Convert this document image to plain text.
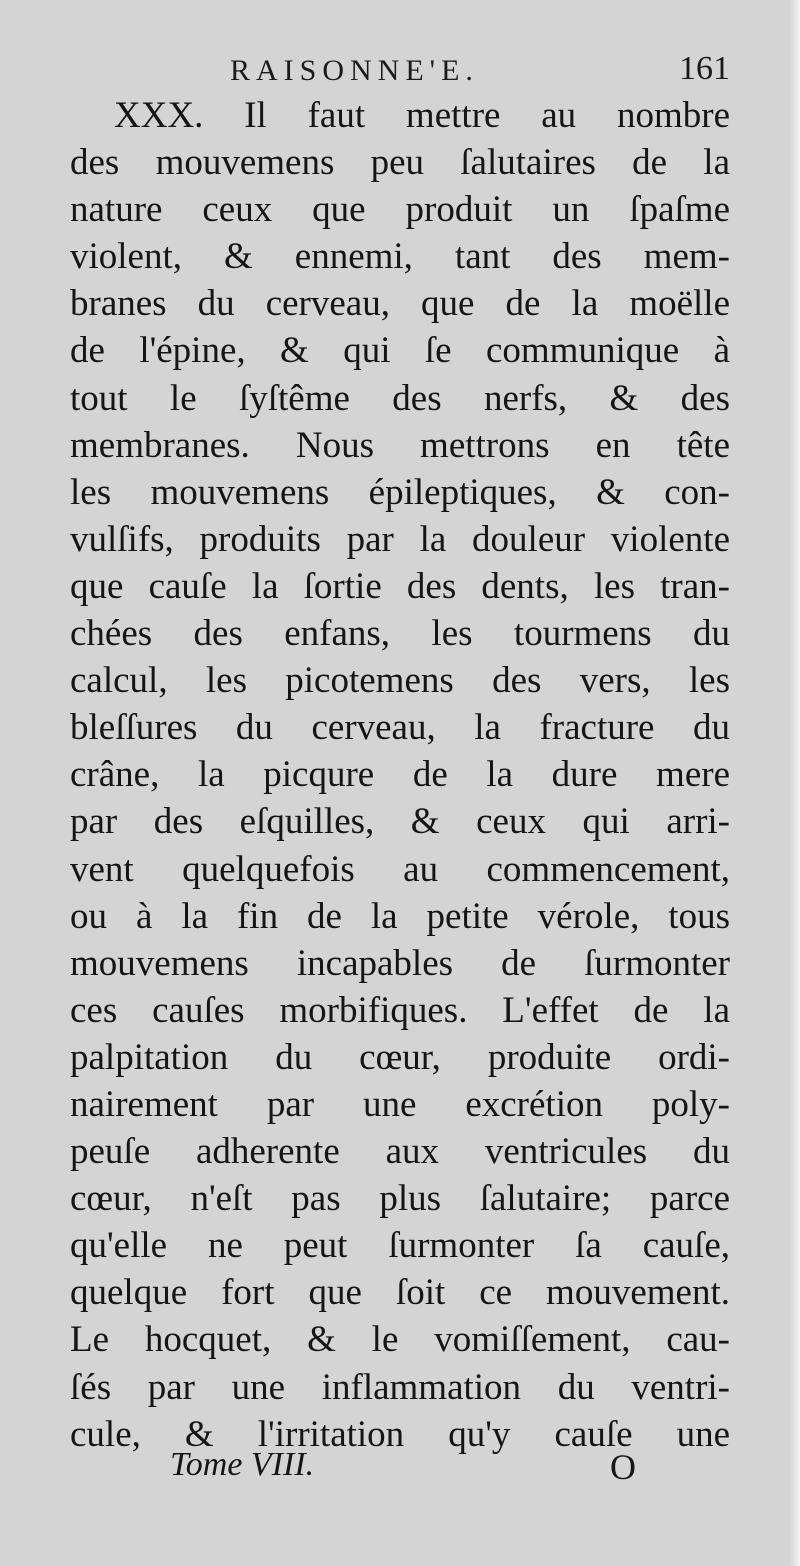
RAISONNE'E.	161
XXX. Il faut mettre au nombre
des mouvemens peu ſalutaires de la
nature ceux que produit un ſpaſme
violent, & ennemi, tant des mem-
branes du cerveau, que de la moëlle
de l'épine, & qui ſe communique à
tout le ſyſtême des nerfs, & des
membranes. Nous mettrons en tête
les mouvemens épileptiques, & con-
vulſifs, produits par la douleur violente
que cauſe la ſortie des dents, les tran-
chées des enfans, les tourmens du
calcul, les picotemens des vers, les
bleſſures du cerveau, la fracture du
crâne, la picqure de la dure mere
par des eſquilles, & ceux qui arri-
vent quelquefois au commencement,
ou à la fin de la petite vérole, tous
mouvemens incapables de ſurmonter
ces cauſes morbifiques. L'effet de la
palpitation du cœur, produite ordi-
nairement par une excrétion poly-
peuſe adherente aux ventricules du
cœur, n'eſt pas plus ſalutaire; parce
qu'elle ne peut ſurmonter ſa cauſe,
quelque fort que ſoit ce mouvement.
Le hocquet, & le vomiſſement, cau-
ſés par une inflammation du ventri-
cule, & l'irritation qu'y cauſe une
Tome VIII.	O
